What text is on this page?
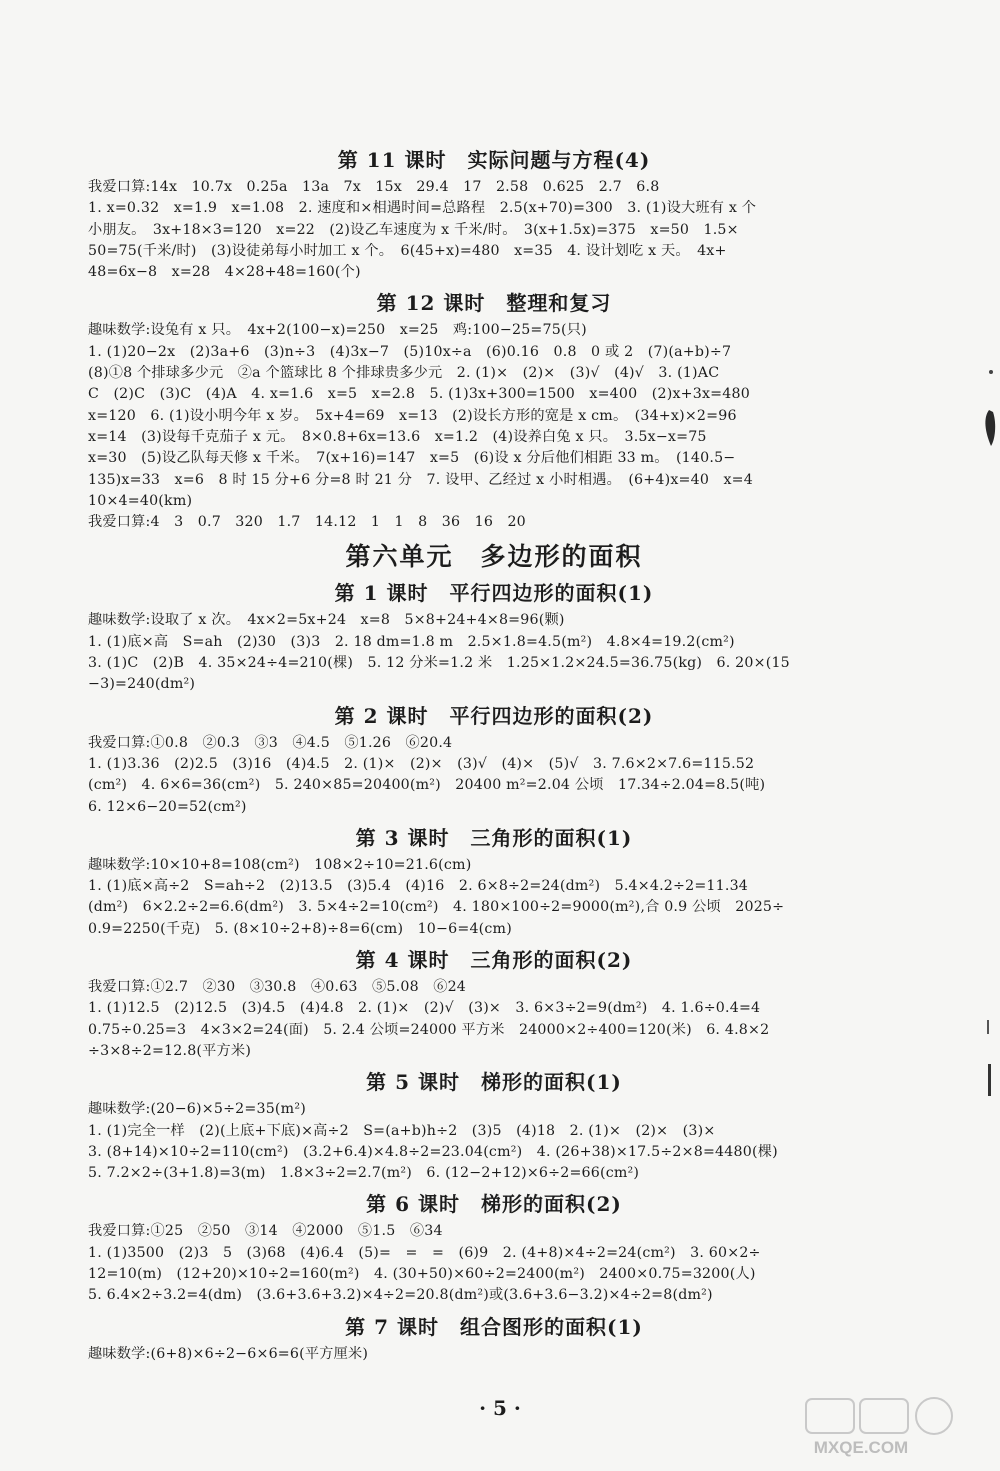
第 11 课时　实际问题与方程(4)
我爱口算:14x　10.7x　0.25a　13a　7x　15x　29.4　17　2.58　0.625　2.7　6.8
1. x=0.32　x=1.9　x=1.08　2. 速度和×相遇时间=总路程　2.5(x+70)=300　3. (1)设大班有 x 个
小朋友。　3x+18×3=120　x=22　(2)设乙车速度为 x 千米/时。　3(x+1.5x)=375　x=50　1.5×
50=75(千米/时)　(3)设徒弟每小时加工 x 个。　6(45+x)=480　x=35　4. 设计划吃 x 天。　4x+
48=6x−8　x=28　4×28+48=160(个)
第 12 课时　整理和复习
趣味数学:设兔有 x 只。　4x+2(100−x)=250　x=25　鸡:100−25=75(只)
1. (1)20−2x　(2)3a+6　(3)n÷3　(4)3x−7　(5)10x÷a　(6)0.16　0.8　0 或 2　(7)(a+b)÷7
(8)①8 个排球多少元　②a 个篮球比 8 个排球贵多少元　2. (1)×　(2)×　(3)√　(4)√　3. (1)AC
C　(2)C　(3)C　(4)A　4. x=1.6　x=5　x=2.8　5. (1)3x+300=1500　x=400　(2)x+3x=480
x=120　6. (1)设小明今年 x 岁。　5x+4=69　x=13　(2)设长方形的宽是 x cm。　(34+x)×2=96
x=14　(3)设每千克茄子 x 元。　8×0.8+6x=13.6　x=1.2　(4)设养白兔 x 只。　3.5x−x=75
x=30　(5)设乙队每天修 x 千米。　7(x+16)=147　x=5　(6)设 x 分后他们相距 33 m。　(140.5−
135)x=33　x=6　8 时 15 分+6 分=8 时 21 分　7. 设甲、乙经过 x 小时相遇。　(6+4)x=40　x=4
10×4=40(km)
我爱口算:4　3　0.7　320　1.7　14.12　1　1　8　36　16　20
第六单元　多边形的面积
第 1 课时　平行四边形的面积(1)
趣味数学:设取了 x 次。　4x×2=5x+24　x=8　5×8+24+4×8=96(颗)
1. (1)底×高　S=ah　(2)30　(3)3　2. 18 dm=1.8 m　2.5×1.8=4.5(m²)　4.8×4=19.2(cm²)
3. (1)C　(2)B　4. 35×24÷4=210(棵)　5. 12 分米=1.2 米　1.25×1.2×24.5=36.75(kg)　6. 20×(15
−3)=240(dm²)
第 2 课时　平行四边形的面积(2)
我爱口算:①0.8　②0.3　③3　④4.5　⑤1.26　⑥20.4
1. (1)3.36　(2)2.5　(3)16　(4)4.5　2. (1)×　(2)×　(3)√　(4)×　(5)√　3. 7.6×2×7.6=115.52
(cm²)　4. 6×6=36(cm²)　5. 240×85=20400(m²)　20400 m²=2.04 公顷　17.34÷2.04=8.5(吨)
6. 12×6−20=52(cm²)
第 3 课时　三角形的面积(1)
趣味数学:10×10+8=108(cm²)　108×2÷10=21.6(cm)
1. (1)底×高÷2　S=ah÷2　(2)13.5　(3)5.4　(4)16　2. 6×8÷2=24(dm²)　5.4×4.2÷2=11.34
(dm²)　6×2.2÷2=6.6(dm²)　3. 5×4÷2=10(cm²)　4. 180×100÷2=9000(m²),合 0.9 公顷　2025÷
0.9=2250(千克)　5. (8×10÷2+8)÷8=6(cm)　10−6=4(cm)
第 4 课时　三角形的面积(2)
我爱口算:①2.7　②30　③30.8　④0.63　⑤5.08　⑥24
1. (1)12.5　(2)12.5　(3)4.5　(4)4.8　2. (1)×　(2)√　(3)×　3. 6×3÷2=9(dm²)　4. 1.6÷0.4=4
0.75÷0.25=3　4×3×2=24(面)　5. 2.4 公顷=24000 平方米　24000×2÷400=120(米)　6. 4.8×2
÷3×8÷2=12.8(平方米)
第 5 课时　梯形的面积(1)
趣味数学:(20−6)×5÷2=35(m²)
1. (1)完全一样　(2)(上底+下底)×高÷2　S=(a+b)h÷2　(3)5　(4)18　2. (1)×　(2)×　(3)×
3. (8+14)×10÷2=110(cm²)　(3.2+6.4)×4.8÷2=23.04(cm²)　4. (26+38)×17.5÷2×8=4480(棵)
5. 7.2×2÷(3+1.8)=3(m)　1.8×3÷2=2.7(m²)　6. (12−2+12)×6÷2=66(cm²)
第 6 课时　梯形的面积(2)
我爱口算:①25　②50　③14　④2000　⑤1.5　⑥34
1. (1)3500　(2)3　5　(3)68　(4)6.4　(5)=　=　=　(6)9　2. (4+8)×4÷2=24(cm²)　3. 60×2÷
12=10(m)　(12+20)×10÷2=160(m²)　4. (30+50)×60÷2=2400(m²)　2400×0.75=3200(人)
5. 6.4×2÷3.2=4(dm)　(3.6+3.6+3.2)×4÷2=20.8(dm²)或(3.6+3.6−3.2)×4÷2=8(dm²)
第 7 课时　组合图形的面积(1)
趣味数学:(6+8)×6÷2−6×6=6(平方厘米)
· 5 ·
MXQE.COM
